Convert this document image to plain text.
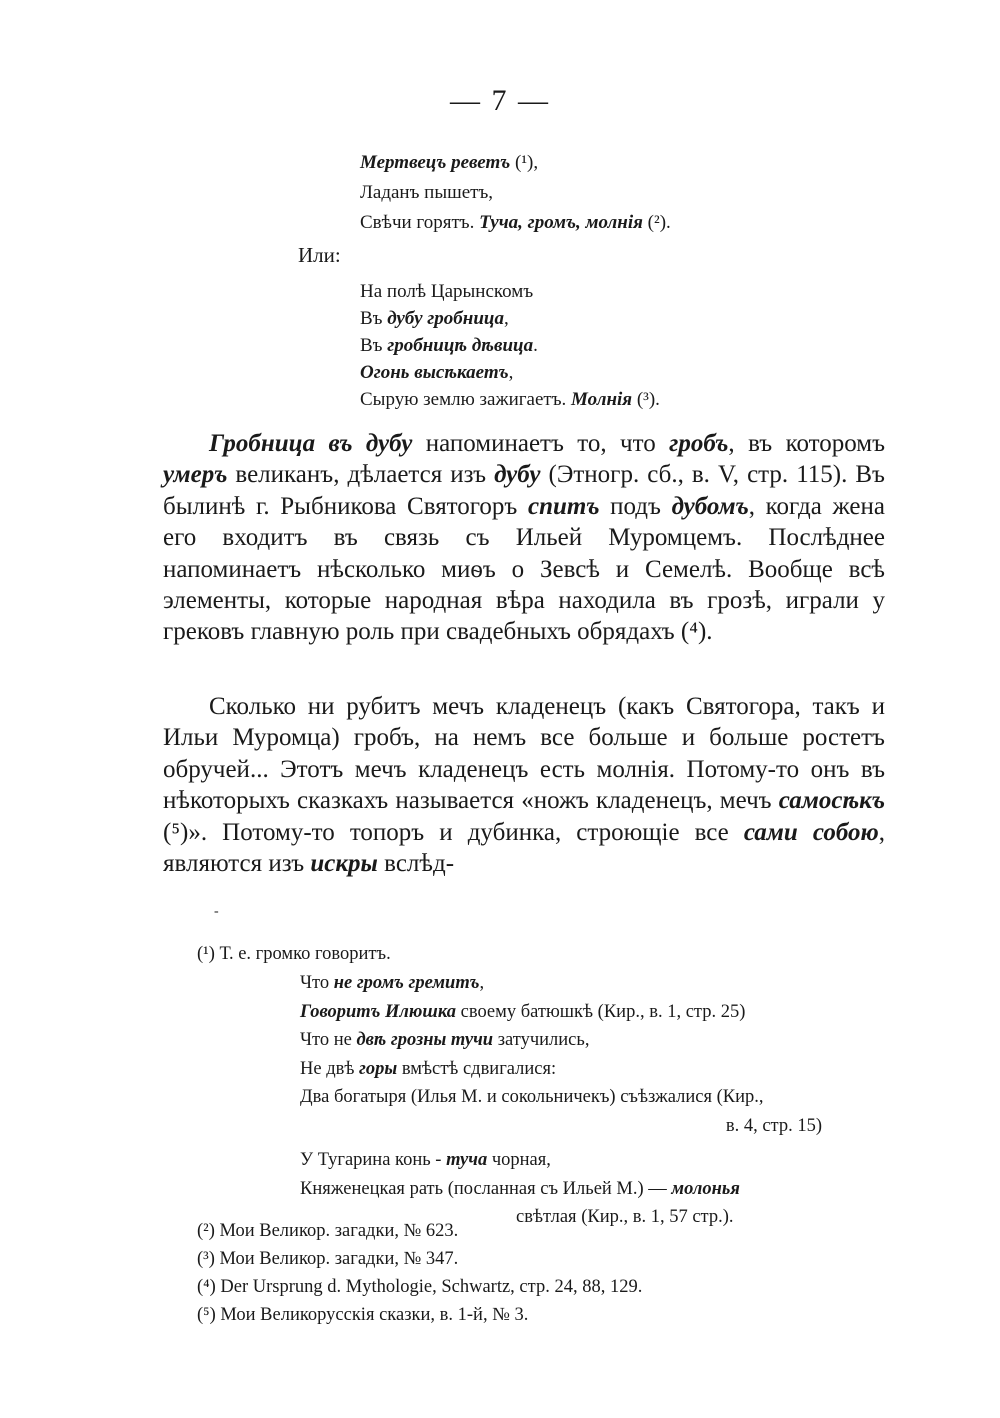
— 7 —
Мертвецъ реветъ (¹),
Ладанъ пышетъ,
Свѣчи горятъ. Туча, громъ, молнія (²).
Или:
На полѣ Царынскомъ
Въ дубу гробница,
Въ гробницѣ дѣвица.
Огонь высѣкаетъ,
Сырую землю зажигаетъ. Молнія (³).
Гробница въ дубу напоминаетъ то, что гробъ, въ которомъ умеръ великанъ, дѣлается изъ дубу (Этногр. сб., в. V, стр. 115). Въ былинѣ г. Рыбникова Святогоръ спитъ подъ дубомъ, когда жена его входитъ въ связь съ Ильей Муромцемъ. Послѣднее напоминаетъ нѣсколько миѳъ о Зевсѣ и Семелѣ. Вообще всѣ элементы, которые народная вѣра находила въ грозѣ, играли у грековъ главную роль при свадебныхъ обрядахъ (⁴).
Сколько ни рубитъ мечъ кладенецъ (какъ Святогора, такъ и Ильи Муромца) гробъ, на немъ все больше и больше ростетъ обручей... Этотъ мечъ кладенецъ есть молнія. Потому-то онъ въ нѣкоторыхъ сказкахъ называется «ножъ кладенецъ, мечъ самосѣкъ (⁵)». Потому-то топоръ и дубинка, строющіе все сами собою, являются изъ искры вслѣд-
-
(¹) Т. е. громко говоритъ.
Что не громъ гремитъ,
Говоритъ Илюшка своему батюшкѣ (Кир., в. 1, стр. 25)
Что не двѣ грозны тучи затучились,
Не двѣ горы вмѣстѣ сдвигалися:
Два богатыря (Илья М. и сокольничекъ) съѣзжалися (Кир.,
в. 4, стр. 15)
У Тугарина конь - туча чорная,
Княженецкая рать (посланная съ Ильей М.) — молонья
свѣтлая (Кир., в. 1, 57 стр.).
(²) Мои Великор. загадки, № 623.
(³) Мои Великор. загадки, № 347.
(⁴) Der Ursprung d. Mythologie, Schwartz, стр. 24, 88, 129.
(⁵) Мои Великорусскія сказки, в. 1-й, № 3.
